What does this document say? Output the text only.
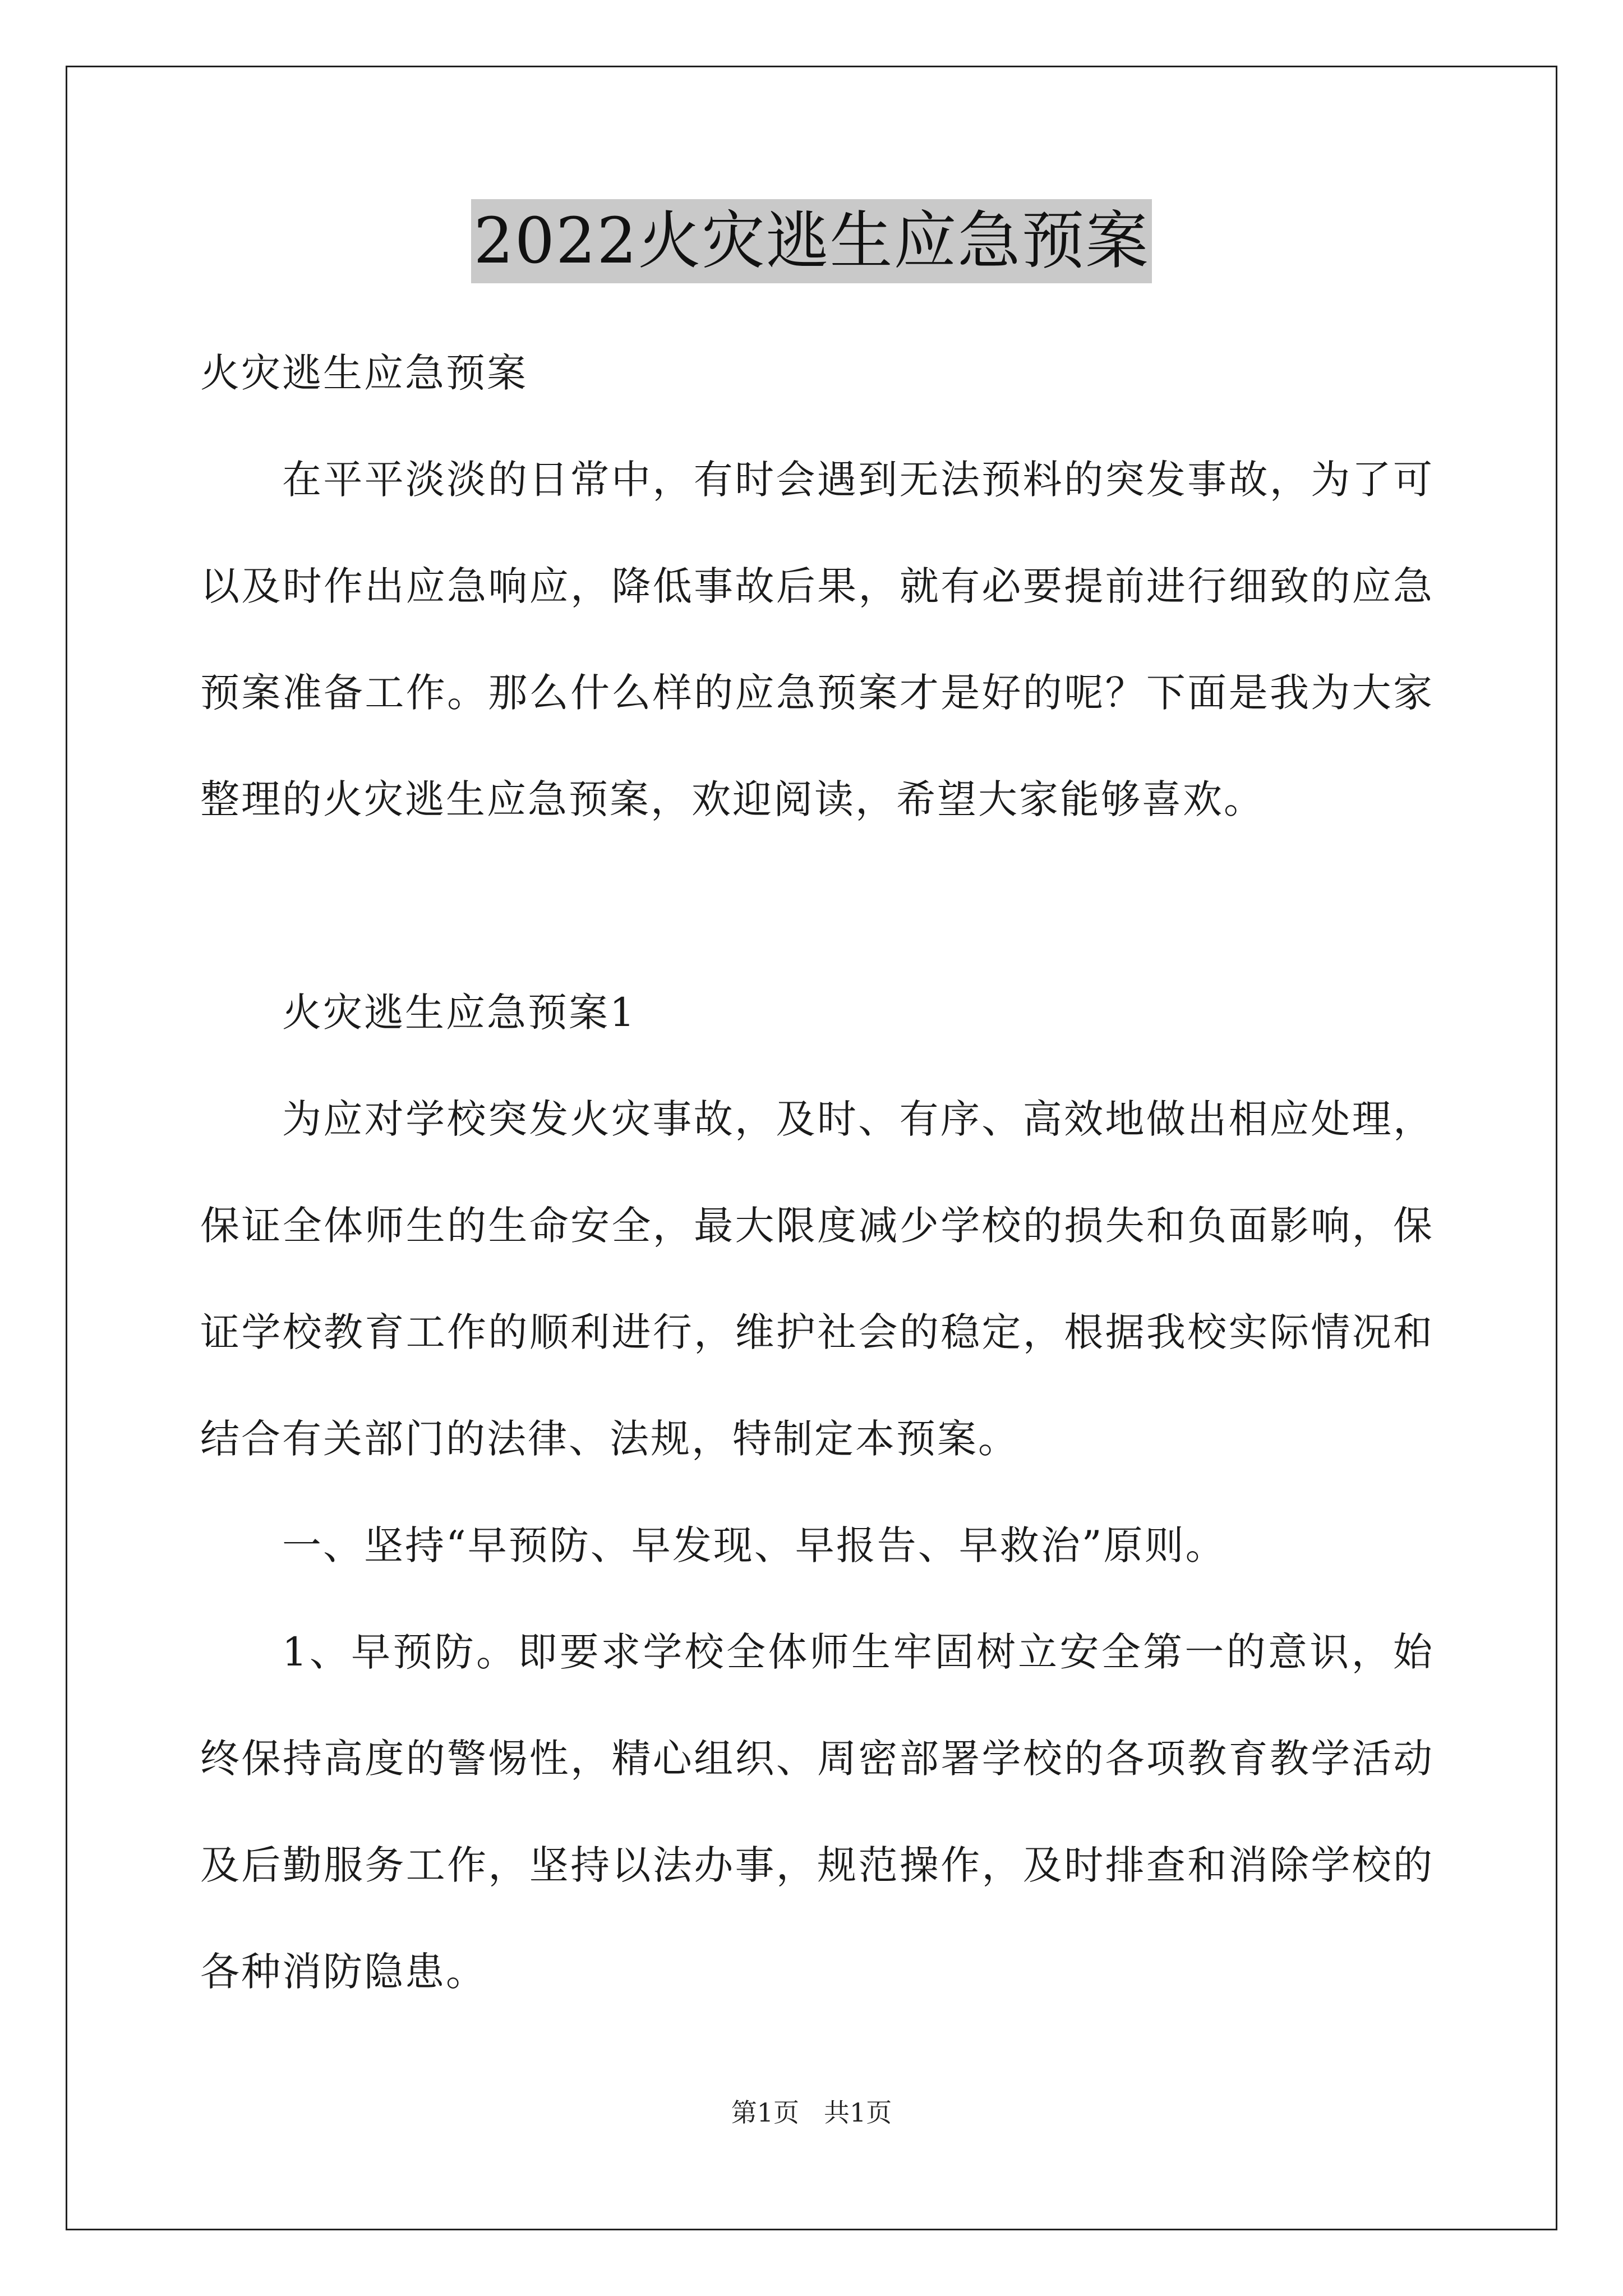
2022火灾逃生应急预案

火灾逃生应急预案

在平平淡淡的日常中，有时会遇到无法预料的突发事故，为了可以及时作出应急响应，降低事故后果，就有必要提前进行细致的应急预案准备工作。那么什么样的应急预案才是好的呢？下面是我为大家整理的火灾逃生应急预案，欢迎阅读，希望大家能够喜欢。

火灾逃生应急预案1

为应对学校突发火灾事故，及时、有序、高效地做出相应处理，保证全体师生的生命安全，最大限度减少学校的损失和负面影响，保证学校教育工作的顺利进行，维护社会的稳定，根据我校实际情况和结合有关部门的法律、法规，特制定本预案。

一、坚持“早预防、早发现、早报告、早救治”原则。

1、早预防。即要求学校全体师生牢固树立安全第一的意识，始终保持高度的警惕性，精心组织、周密部署学校的各项教育教学活动及后勤服务工作，坚持以法办事，规范操作，及时排查和消除学校的各种消防隐患。

第1页 共1页
